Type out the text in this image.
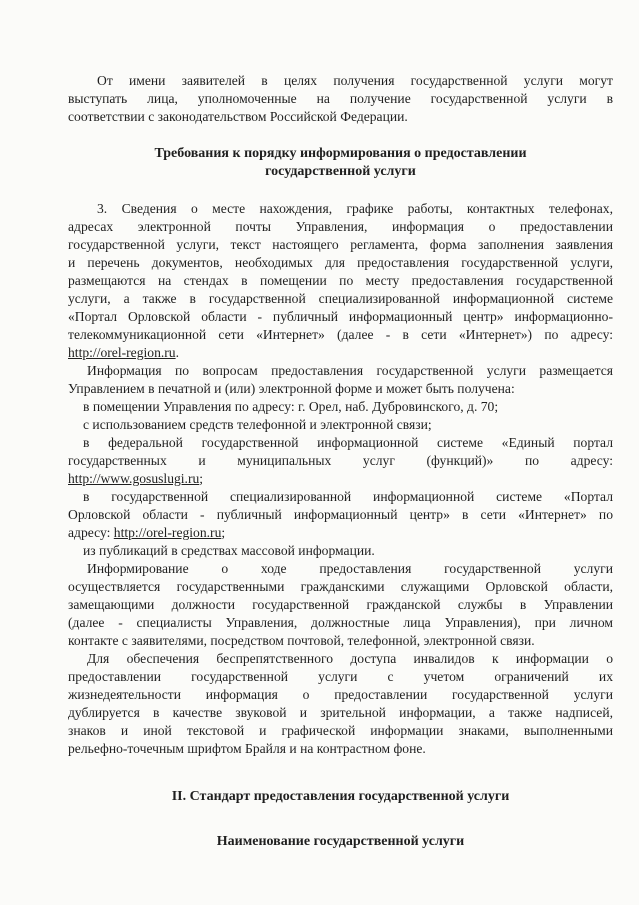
От имени заявителей в целях получения государственной услуги могут
выступать лица, уполномоченные на получение государственной услуги в
соответствии с законодательством Российской Федерации.
Требования к порядку информирования о предоставлении
государственной услуги
3. Сведения о месте нахождения, графике работы, контактных телефонах,
адресах электронной почты Управления, информация о предоставлении
государственной услуги, текст настоящего регламента, форма заполнения заявления
и перечень документов, необходимых для предоставления государственной услуги,
размещаются на стендах в помещении по месту предоставления государственной
услуги, а также в государственной специализированной информационной системе
«Портал Орловской области - публичный информационный центр» информационно-
телекоммуникационной сети «Интернет» (далее - в сети «Интернет») по адресу:
http://orel-region.ru.
Информация по вопросам предоставления государственной услуги размещается
Управлением в печатной и (или) электронной форме и может быть получена:
в помещении Управления по адресу: г. Орел, наб. Дубровинского, д. 70;
с использованием средств телефонной и электронной связи;
в федеральной государственной информационной системе «Единый портал
государственных и муниципальных услуг (функций)» по адресу:
http://www.gosuslugi.ru;
в государственной специализированной информационной системе «Портал
Орловской области - публичный информационный центр» в сети «Интернет» по
адресу: http://orel-region.ru;
из публикаций в средствах массовой информации.
Информирование о ходе предоставления государственной услуги
осуществляется государственными гражданскими служащими Орловской области,
замещающими должности государственной гражданской службы в Управлении
(далее - специалисты Управления, должностные лица Управления), при личном
контакте с заявителями, посредством почтовой, телефонной, электронной связи.
Для обеспечения беспрепятственного доступа инвалидов к информации о
предоставлении государственной услуги с учетом ограничений их
жизнедеятельности информация о предоставлении государственной услуги
дублируется в качестве звуковой и зрительной информации, а также надписей,
знаков и иной текстовой и графической информации знаками, выполненными
рельефно-точечным шрифтом Брайля и на контрастном фоне.
II. Стандарт предоставления государственной услуги
Наименование государственной услуги
